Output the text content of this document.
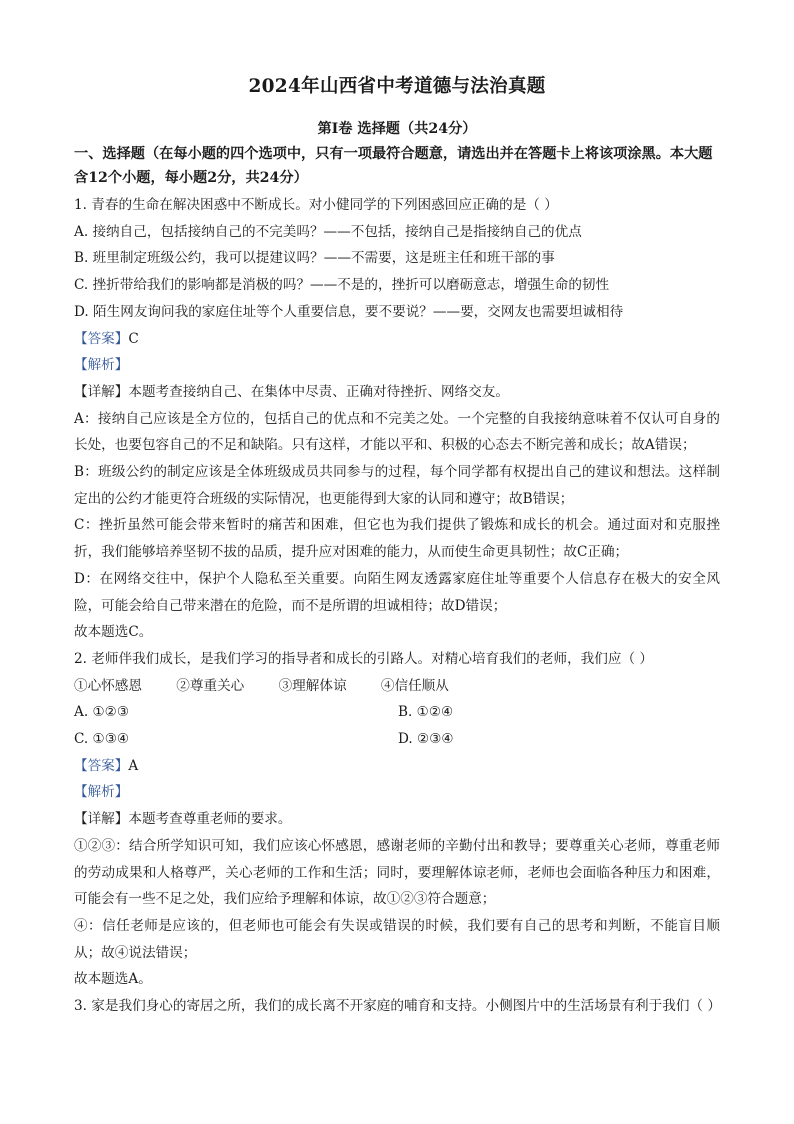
2024年山西省中考道德与法治真题
第Ⅰ卷 选择题（共24分）
一、选择题（在每小题的四个选项中，只有一项最符合题意，请选出并在答题卡上将该项涂黑。本大题含12个小题，每小题2分，共24分）

1. 青春的生命在解决困惑中不断成长。对小健同学的下列困惑回应正确的是（ ）

A. 接纳自己，包括接纳自己的不完美吗？——不包括，接纳自己是指接纳自己的优点

B. 班里制定班级公约，我可以提建议吗？——不需要，这是班主任和班干部的事

C. 挫折带给我们的影响都是消极的吗？——不是的，挫折可以磨砺意志，增强生命的韧性

D. 陌生网友询问我的家庭住址等个人重要信息，要不要说？——要，交网友也需要坦诚相待

【答案】C

【解析】

【详解】本题考查接纳自己、在集体中尽责、正确对待挫折、网络交友。

A：接纳自己应该是全方位的，包括自己的优点和不完美之处。一个完整的自我接纳意味着不仅认可自身的长处，也要包容自己的不足和缺陷。只有这样，才能以平和、积极的心态去不断完善和成长；故A错误；

B：班级公约的制定应该是全体班级成员共同参与的过程，每个同学都有权提出自己的建议和想法。这样制定出的公约才能更符合班级的实际情况，也更能得到大家的认同和遵守；故B错误；

C：挫折虽然可能会带来暂时的痛苦和困难，但它也为我们提供了锻炼和成长的机会。通过面对和克服挫折，我们能够培养坚韧不拔的品质，提升应对困难的能力，从而使生命更具韧性；故C正确；

D：在网络交往中，保护个人隐私至关重要。向陌生网友透露家庭住址等重要个人信息存在极大的安全风险，可能会给自己带来潜在的危险，而不是所谓的坦诚相待；故D错误；

故本题选C。

2. 老师伴我们成长，是我们学习的指导者和成长的引路人。对精心培育我们的老师，我们应（ ）

①心怀感恩	②尊重关心	③理解体谅	④信任顺从
A. ①②③	B. ①②④
C. ①③④	D. ②③④

【答案】A

【解析】

【详解】本题考查尊重老师的要求。

①②③：结合所学知识可知，我们应该心怀感恩，感谢老师的辛勤付出和教导；要尊重关心老师，尊重老师的劳动成果和人格尊严，关心老师的工作和生活；同时，要理解体谅老师，老师也会面临各种压力和困难，可能会有一些不足之处，我们应给予理解和体谅，故①②③符合题意；

④：信任老师是应该的，但老师也可能会有失误或错误的时候，我们要有自己的思考和判断，不能盲目顺从；故④说法错误；

故本题选A。

3. 家是我们身心的寄居之所，我们的成长离不开家庭的哺育和支持。小侧图片中的生活场景有利于我们（ ）
